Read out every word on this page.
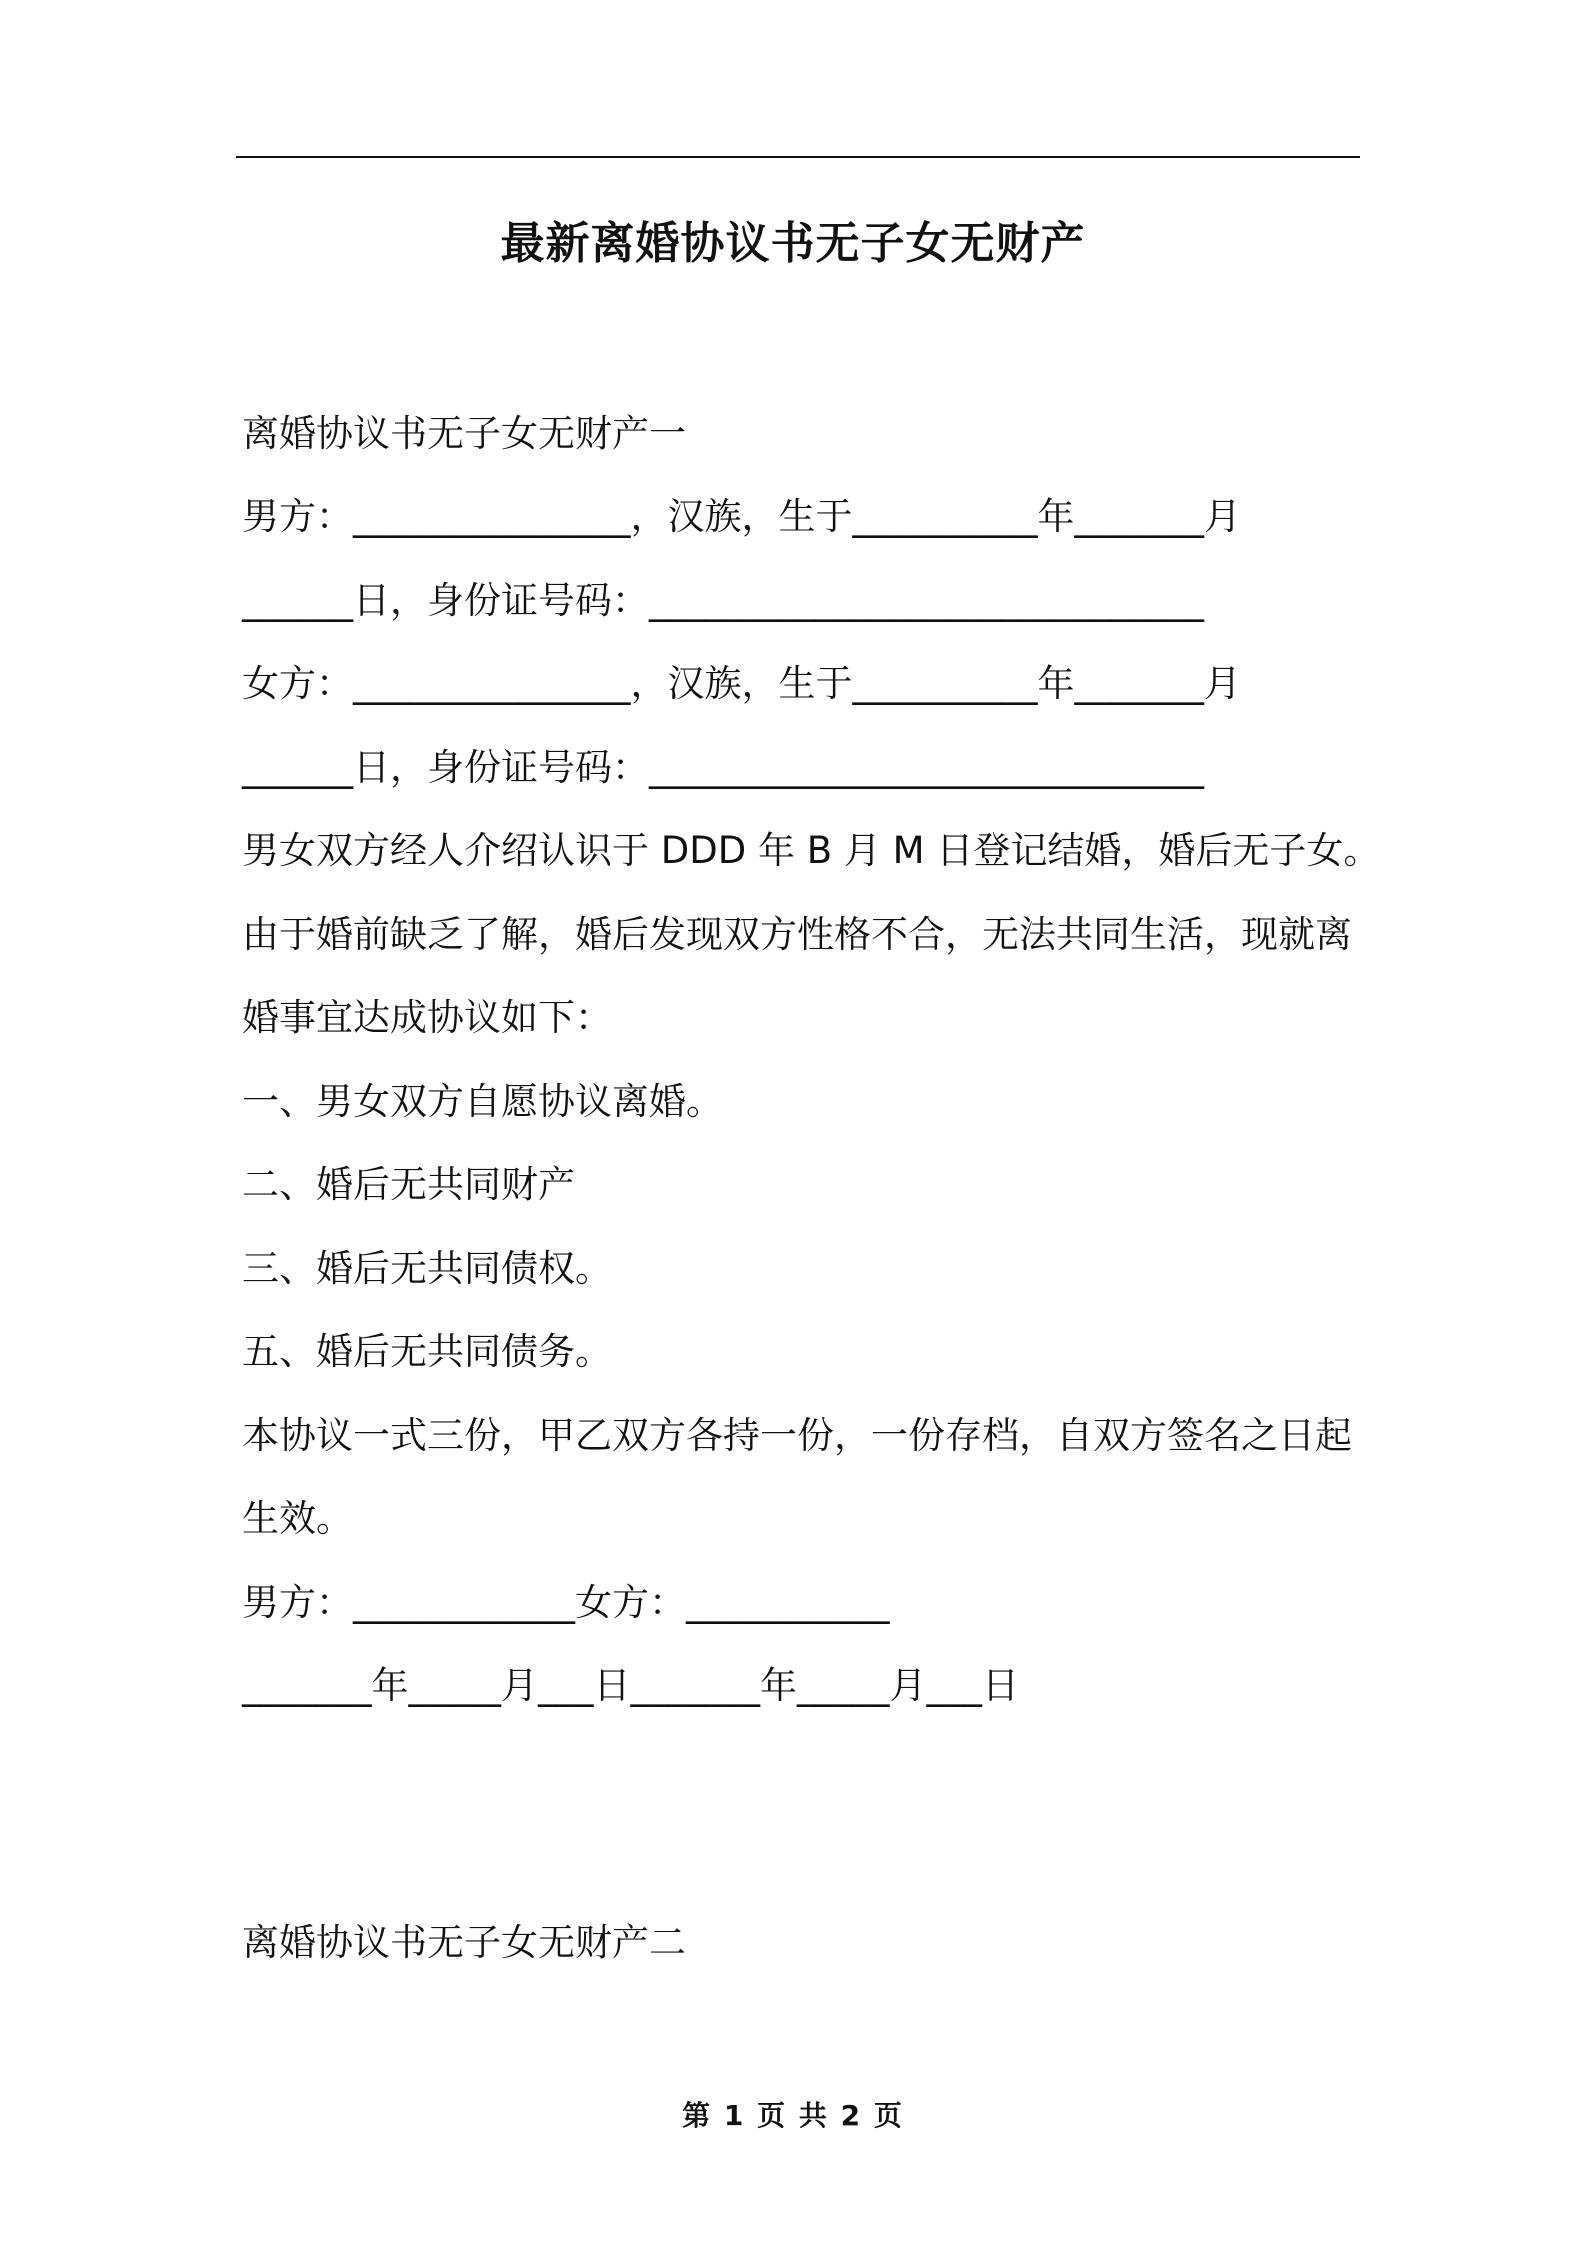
最新离婚协议书无子女无财产
离婚协议书无子女无财产一
男方：_______________，汉族，生于__________年_______月
______日，身份证号码：______________________________
女方：_______________，汉族，生于__________年_______月
______日，身份证号码：______________________________
男女双方经人介绍认识于 DDD 年 B 月 M 日登记结婚，婚后无子女。
由于婚前缺乏了解，婚后发现双方性格不合，无法共同生活，现就离
婚事宜达成协议如下：
一、男女双方自愿协议离婚。
二、婚后无共同财产
三、婚后无共同债权。
五、婚后无共同债务。
本协议一式三份，甲乙双方各持一份，一份存档，自双方签名之日起
生效。
男方：____________女方：___________
_______年_____月___日_______年_____月___日
离婚协议书无子女无财产二
第 1 页 共 2 页
